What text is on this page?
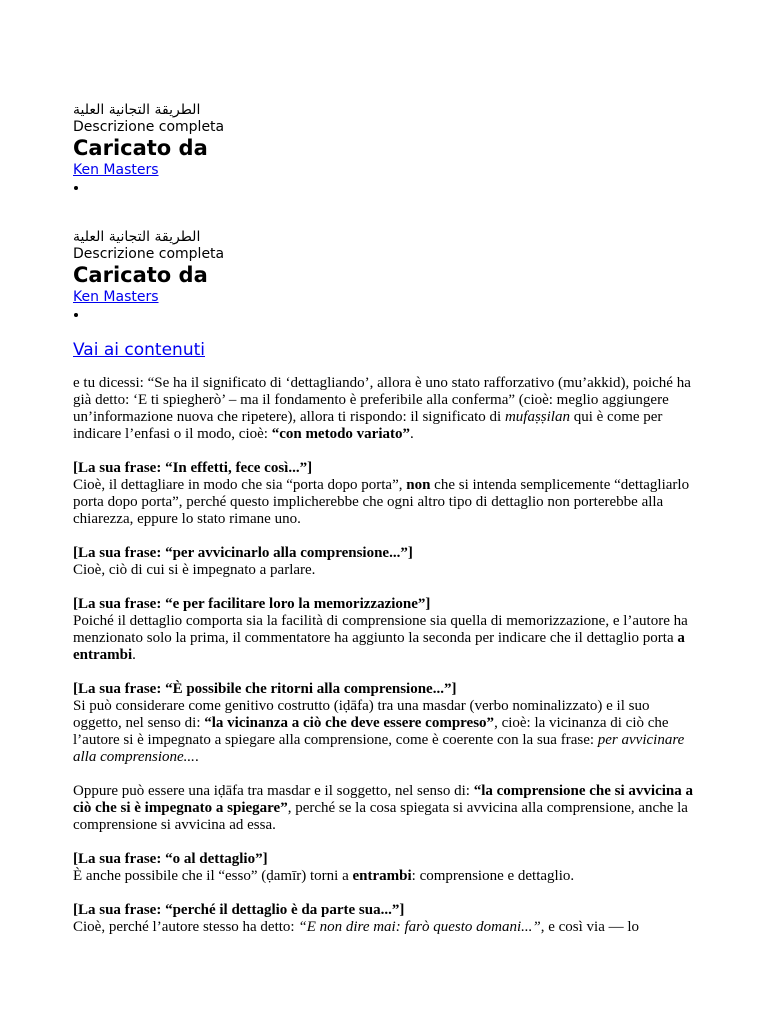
الطريقة التجانية العلية
Descrizione completa
Caricato da
Ken Masters
الطريقة التجانية العلية
Descrizione completa
Caricato da
Ken Masters
Vai ai contenuti

e tu dicessi: “Se ha il significato di ‘dettagliando’, allora è uno stato rafforzativo (mu’akkid), poiché ha già detto: ‘E ti spiegherò’ – ma il fondamento è preferibile alla conferma” (cioè: meglio aggiungere un’informazione nuova che ripetere), allora ti rispondo: il significato di mufaṣṣilan qui è come per indicare l’enfasi o il modo, cioè: “con metodo variato”.

[La sua frase: “In effetti, fece così...”]
Cioè, il dettagliare in modo che sia “porta dopo porta”, non che si intenda semplicemente “dettagliarlo porta dopo porta”, perché questo implicherebbe che ogni altro tipo di dettaglio non porterebbe alla chiarezza, eppure lo stato rimane uno.

[La sua frase: “per avvicinarlo alla comprensione...”]
Cioè, ciò di cui si è impegnato a parlare.

[La sua frase: “e per facilitare loro la memorizzazione”]
Poiché il dettaglio comporta sia la facilità di comprensione sia quella di memorizzazione, e l’autore ha menzionato solo la prima, il commentatore ha aggiunto la seconda per indicare che il dettaglio porta a entrambi.

[La sua frase: “È possibile che ritorni alla comprensione...”]
Si può considerare come genitivo costrutto (iḍāfa) tra una masdar (verbo nominalizzato) e il suo oggetto, nel senso di: “la vicinanza a ciò che deve essere compreso”, cioè: la vicinanza di ciò che l’autore si è impegnato a spiegare alla comprensione, come è coerente con la sua frase: per avvicinare alla comprensione....

Oppure può essere una iḍāfa tra masdar e il soggetto, nel senso di: “la comprensione che si avvicina a ciò che si è impegnato a spiegare”, perché se la cosa spiegata si avvicina alla comprensione, anche la comprensione si avvicina ad essa.

[La sua frase: “o al dettaglio”]
È anche possibile che il “esso” (ḍamīr) torni a entrambi: comprensione e dettaglio.

[La sua frase: “perché il dettaglio è da parte sua...”]
Cioè, perché l’autore stesso ha detto: “E non dire mai: farò questo domani...”, e così via — lo
